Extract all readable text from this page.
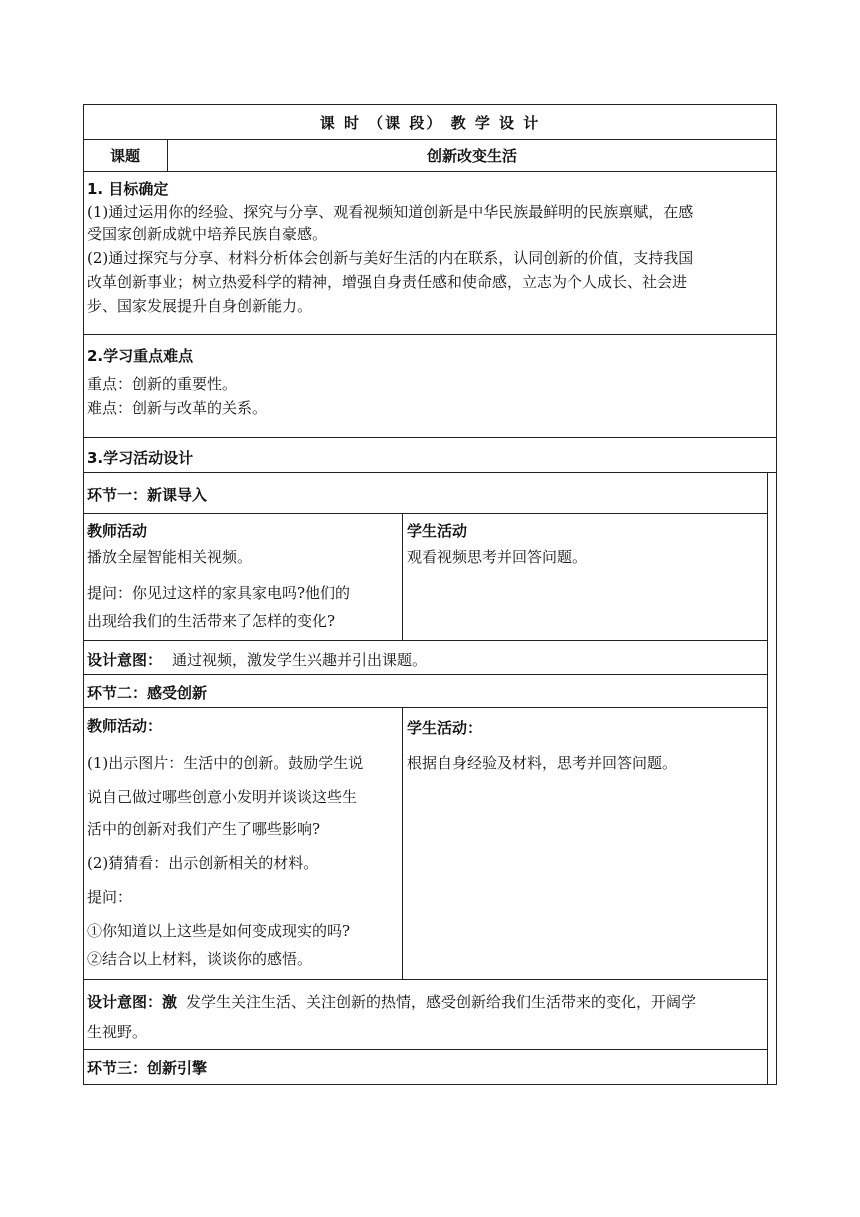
课 时 （课 段） 教 学 设 计
课题	创新改变生活
1. 目标确定
(1)通过运用你的经验、探究与分享、观看视频知道创新是中华民族最鲜明的民族禀赋，在感
受国家创新成就中培养民族自豪感。
(2)通过探究与分享、材料分析体会创新与美好生活的内在联系，认同创新的价值，支持我国
改革创新事业；树立热爱科学的精神，增强自身责任感和使命感，立志为个人成长、社会进
步、国家发展提升自身创新能力。
2.学习重点难点
重点：创新的重要性。
难点：创新与改革的关系。
3.学习活动设计
环节一：新课导入
教师活动
播放全屋智能相关视频。
提问：你见过这样的家具家电吗?他们的
出现给我们的生活带来了怎样的变化?
学生活动
观看视频思考并回答问题。
设计意图： 通过视频，激发学生兴趣并引出课题。
环节二：感受创新
教师活动：
(1)出示图片：生活中的创新。鼓励学生说
说自己做过哪些创意小发明并谈谈这些生
活中的创新对我们产生了哪些影响?
(2)猜猜看：出示创新相关的材料。
提问：
①你知道以上这些是如何变成现实的吗?
②结合以上材料，谈谈你的感悟。
学生活动：
根据自身经验及材料，思考并回答问题。
设计意图：激 发学生关注生活、关注创新的热情，感受创新给我们生活带来的变化，开阔学
生视野。
环节三：创新引擎
